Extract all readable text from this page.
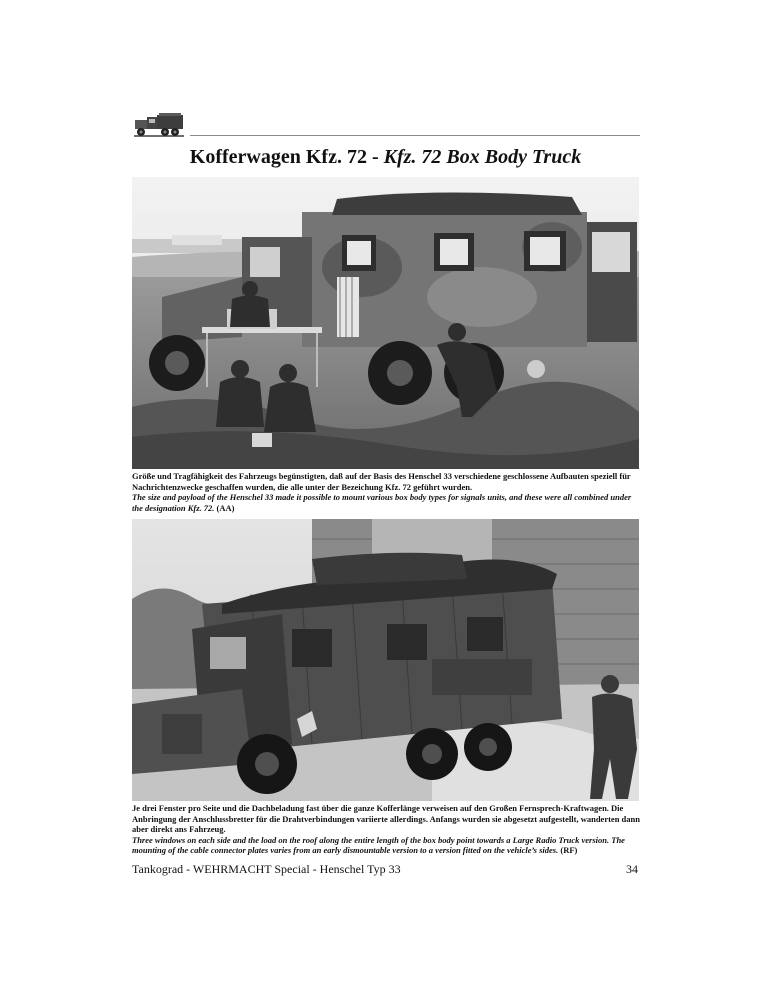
Kofferwagen Kfz. 72 - Kfz. 72 Box Body Truck

Größe und Tragfähigkeit des Fahrzeugs begünstigten, daß auf der Basis des Henschel 33 verschiedene geschlossene Aufbauten speziell für Nachrichtenzwecke geschaffen wurden, die alle unter der Bezeichung Kfz. 72 geführt wurden.

The size and payload of the Henschel 33 made it possible to mount various box body types for signals units, and these were all combined under the designation Kfz. 72. (AA)

Je drei Fenster pro Seite und die Dachbeladung fast über die ganze Kofferlänge verweisen auf den Großen Fernsprech-Kraftwagen. Die Anbringung der Anschlussbretter für die Drahtverbindungen variierte allerdings. Anfangs wurden sie abgesetzt aufgestellt, wanderten dann aber direkt ans Fahrzeug.

Three windows on each side and the load on the roof along the entire length of the box body point towards a Large Radio Truck version. The mounting of the cable connector plates varies from an early dismountable version to a version fitted on the vehicle’s sides. (RF)

Tankograd - WEHRMACHT Special - Henschel Typ 33	34
